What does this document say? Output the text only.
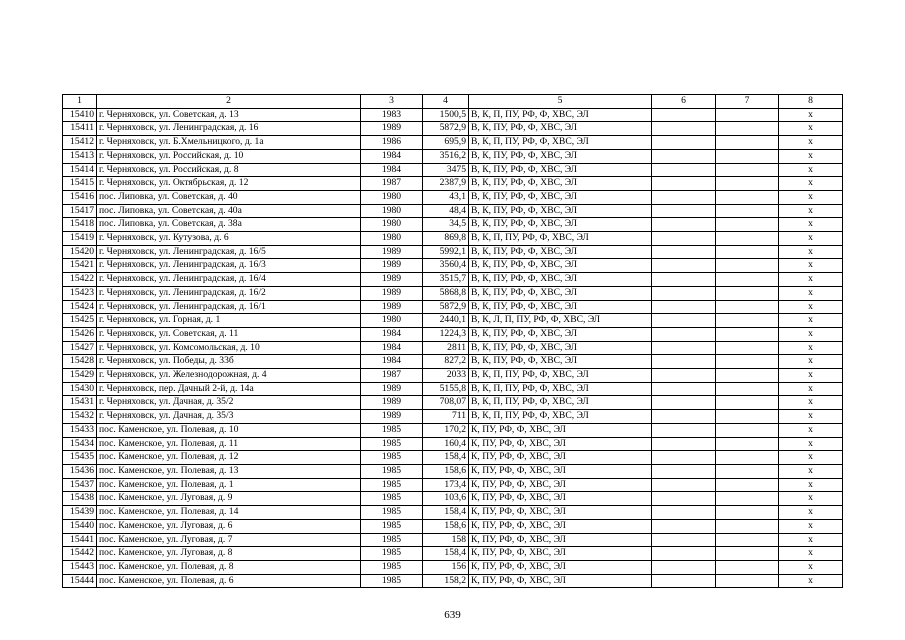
1	2	3	4	5	6	7	8
15410	г. Черняховск, ул. Советская, д. 13	1983	1500,5	В, К, П, ПУ, РФ, Ф, ХВС, ЭЛ			х
15411	г. Черняховск, ул. Ленинградская, д. 16	1989	5872,9	В, К, ПУ, РФ, Ф, ХВС, ЭЛ			х
15412	г. Черняховск, ул. Б.Хмельницкого, д. 1а	1986	695,9	В, К, П, ПУ, РФ, Ф, ХВС, ЭЛ			х
15413	г. Черняховск, ул. Российская, д. 10	1984	3516,2	В, К, ПУ, РФ, Ф, ХВС, ЭЛ			х
15414	г. Черняховск, ул. Российская, д. 8	1984	3475	В, К, ПУ, РФ, Ф, ХВС, ЭЛ			х
15415	г. Черняховск, ул. Октябрьская, д. 12	1987	2387,9	В, К, ПУ, РФ, Ф, ХВС, ЭЛ			х
15416	пос. Липовка, ул. Советская, д. 40	1980	43,1	В, К, ПУ, РФ, Ф, ХВС, ЭЛ			х
15417	пос. Липовка, ул. Советская, д. 40а	1980	48,4	В, К, ПУ, РФ, Ф, ХВС, ЭЛ			х
15418	пос. Липовка, ул. Советская, д. 38а	1980	34,5	В, К, ПУ, РФ, Ф, ХВС, ЭЛ			х
15419	г. Черняховск, ул. Кутузова, д. 6	1980	869,8	В, К, П, ПУ, РФ, Ф, ХВС, ЭЛ			х
15420	г. Черняховск, ул. Ленинградская, д. 16/5	1989	5992,1	В, К, ПУ, РФ, Ф, ХВС, ЭЛ			х
15421	г. Черняховск, ул. Ленинградская, д. 16/3	1989	3560,4	В, К, ПУ, РФ, Ф, ХВС, ЭЛ			х
15422	г. Черняховск, ул. Ленинградская, д. 16/4	1989	3515,7	В, К, ПУ, РФ, Ф, ХВС, ЭЛ			х
15423	г. Черняховск, ул. Ленинградская, д. 16/2	1989	5868,8	В, К, ПУ, РФ, Ф, ХВС, ЭЛ			х
15424	г. Черняховск, ул. Ленинградская, д. 16/1	1989	5872,9	В, К, ПУ, РФ, Ф, ХВС, ЭЛ			х
15425	г. Черняховск, ул. Горная, д. 1	1980	2440,1	В, К, Л, П, ПУ, РФ, Ф, ХВС, ЭЛ			х
15426	г. Черняховск, ул. Советская, д. 11	1984	1224,3	В, К, ПУ, РФ, Ф, ХВС, ЭЛ			х
15427	г. Черняховск, ул. Комсомольская, д. 10	1984	2811	В, К, ПУ, РФ, Ф, ХВС, ЭЛ			х
15428	г. Черняховск, ул. Победы, д. 33б	1984	827,2	В, К, ПУ, РФ, Ф, ХВС, ЭЛ			х
15429	г. Черняховск, ул. Железнодорожная, д. 4	1987	2033	В, К, П, ПУ, РФ, Ф, ХВС, ЭЛ			х
15430	г. Черняховск, пер. Дачный 2-й, д. 14а	1989	5155,8	В, К, П, ПУ, РФ, Ф, ХВС, ЭЛ			х
15431	г. Черняховск, ул. Дачная, д. 35/2	1989	708,07	В, К, П, ПУ, РФ, Ф, ХВС, ЭЛ			х
15432	г. Черняховск, ул. Дачная, д. 35/3	1989	711	В, К, П, ПУ, РФ, Ф, ХВС, ЭЛ			х
15433	пос. Каменское, ул. Полевая, д. 10	1985	170,2	К, ПУ, РФ, Ф, ХВС, ЭЛ			х
15434	пос. Каменское, ул. Полевая, д. 11	1985	160,4	К, ПУ, РФ, Ф, ХВС, ЭЛ			х
15435	пос. Каменское, ул. Полевая, д. 12	1985	158,4	К, ПУ, РФ, Ф, ХВС, ЭЛ			х
15436	пос. Каменское, ул. Полевая, д. 13	1985	158,6	К, ПУ, РФ, Ф, ХВС, ЭЛ			х
15437	пос. Каменское, ул. Полевая, д. 1	1985	173,4	К, ПУ, РФ, Ф, ХВС, ЭЛ			х
15438	пос. Каменское, ул. Луговая, д. 9	1985	103,6	К, ПУ, РФ, Ф, ХВС, ЭЛ			х
15439	пос. Каменское, ул. Полевая, д. 14	1985	158,4	К, ПУ, РФ, Ф, ХВС, ЭЛ			х
15440	пос. Каменское, ул. Луговая, д. 6	1985	158,6	К, ПУ, РФ, Ф, ХВС, ЭЛ			х
15441	пос. Каменское, ул. Луговая, д. 7	1985	158	К, ПУ, РФ, Ф, ХВС, ЭЛ			х
15442	пос. Каменское, ул. Луговая, д. 8	1985	158,4	К, ПУ, РФ, Ф, ХВС, ЭЛ			х
15443	пос. Каменское, ул. Полевая, д. 8	1985	156	К, ПУ, РФ, Ф, ХВС, ЭЛ			х
15444	пос. Каменское, ул. Полевая, д. 6	1985	158,2	К, ПУ, РФ, Ф, ХВС, ЭЛ			х
639
